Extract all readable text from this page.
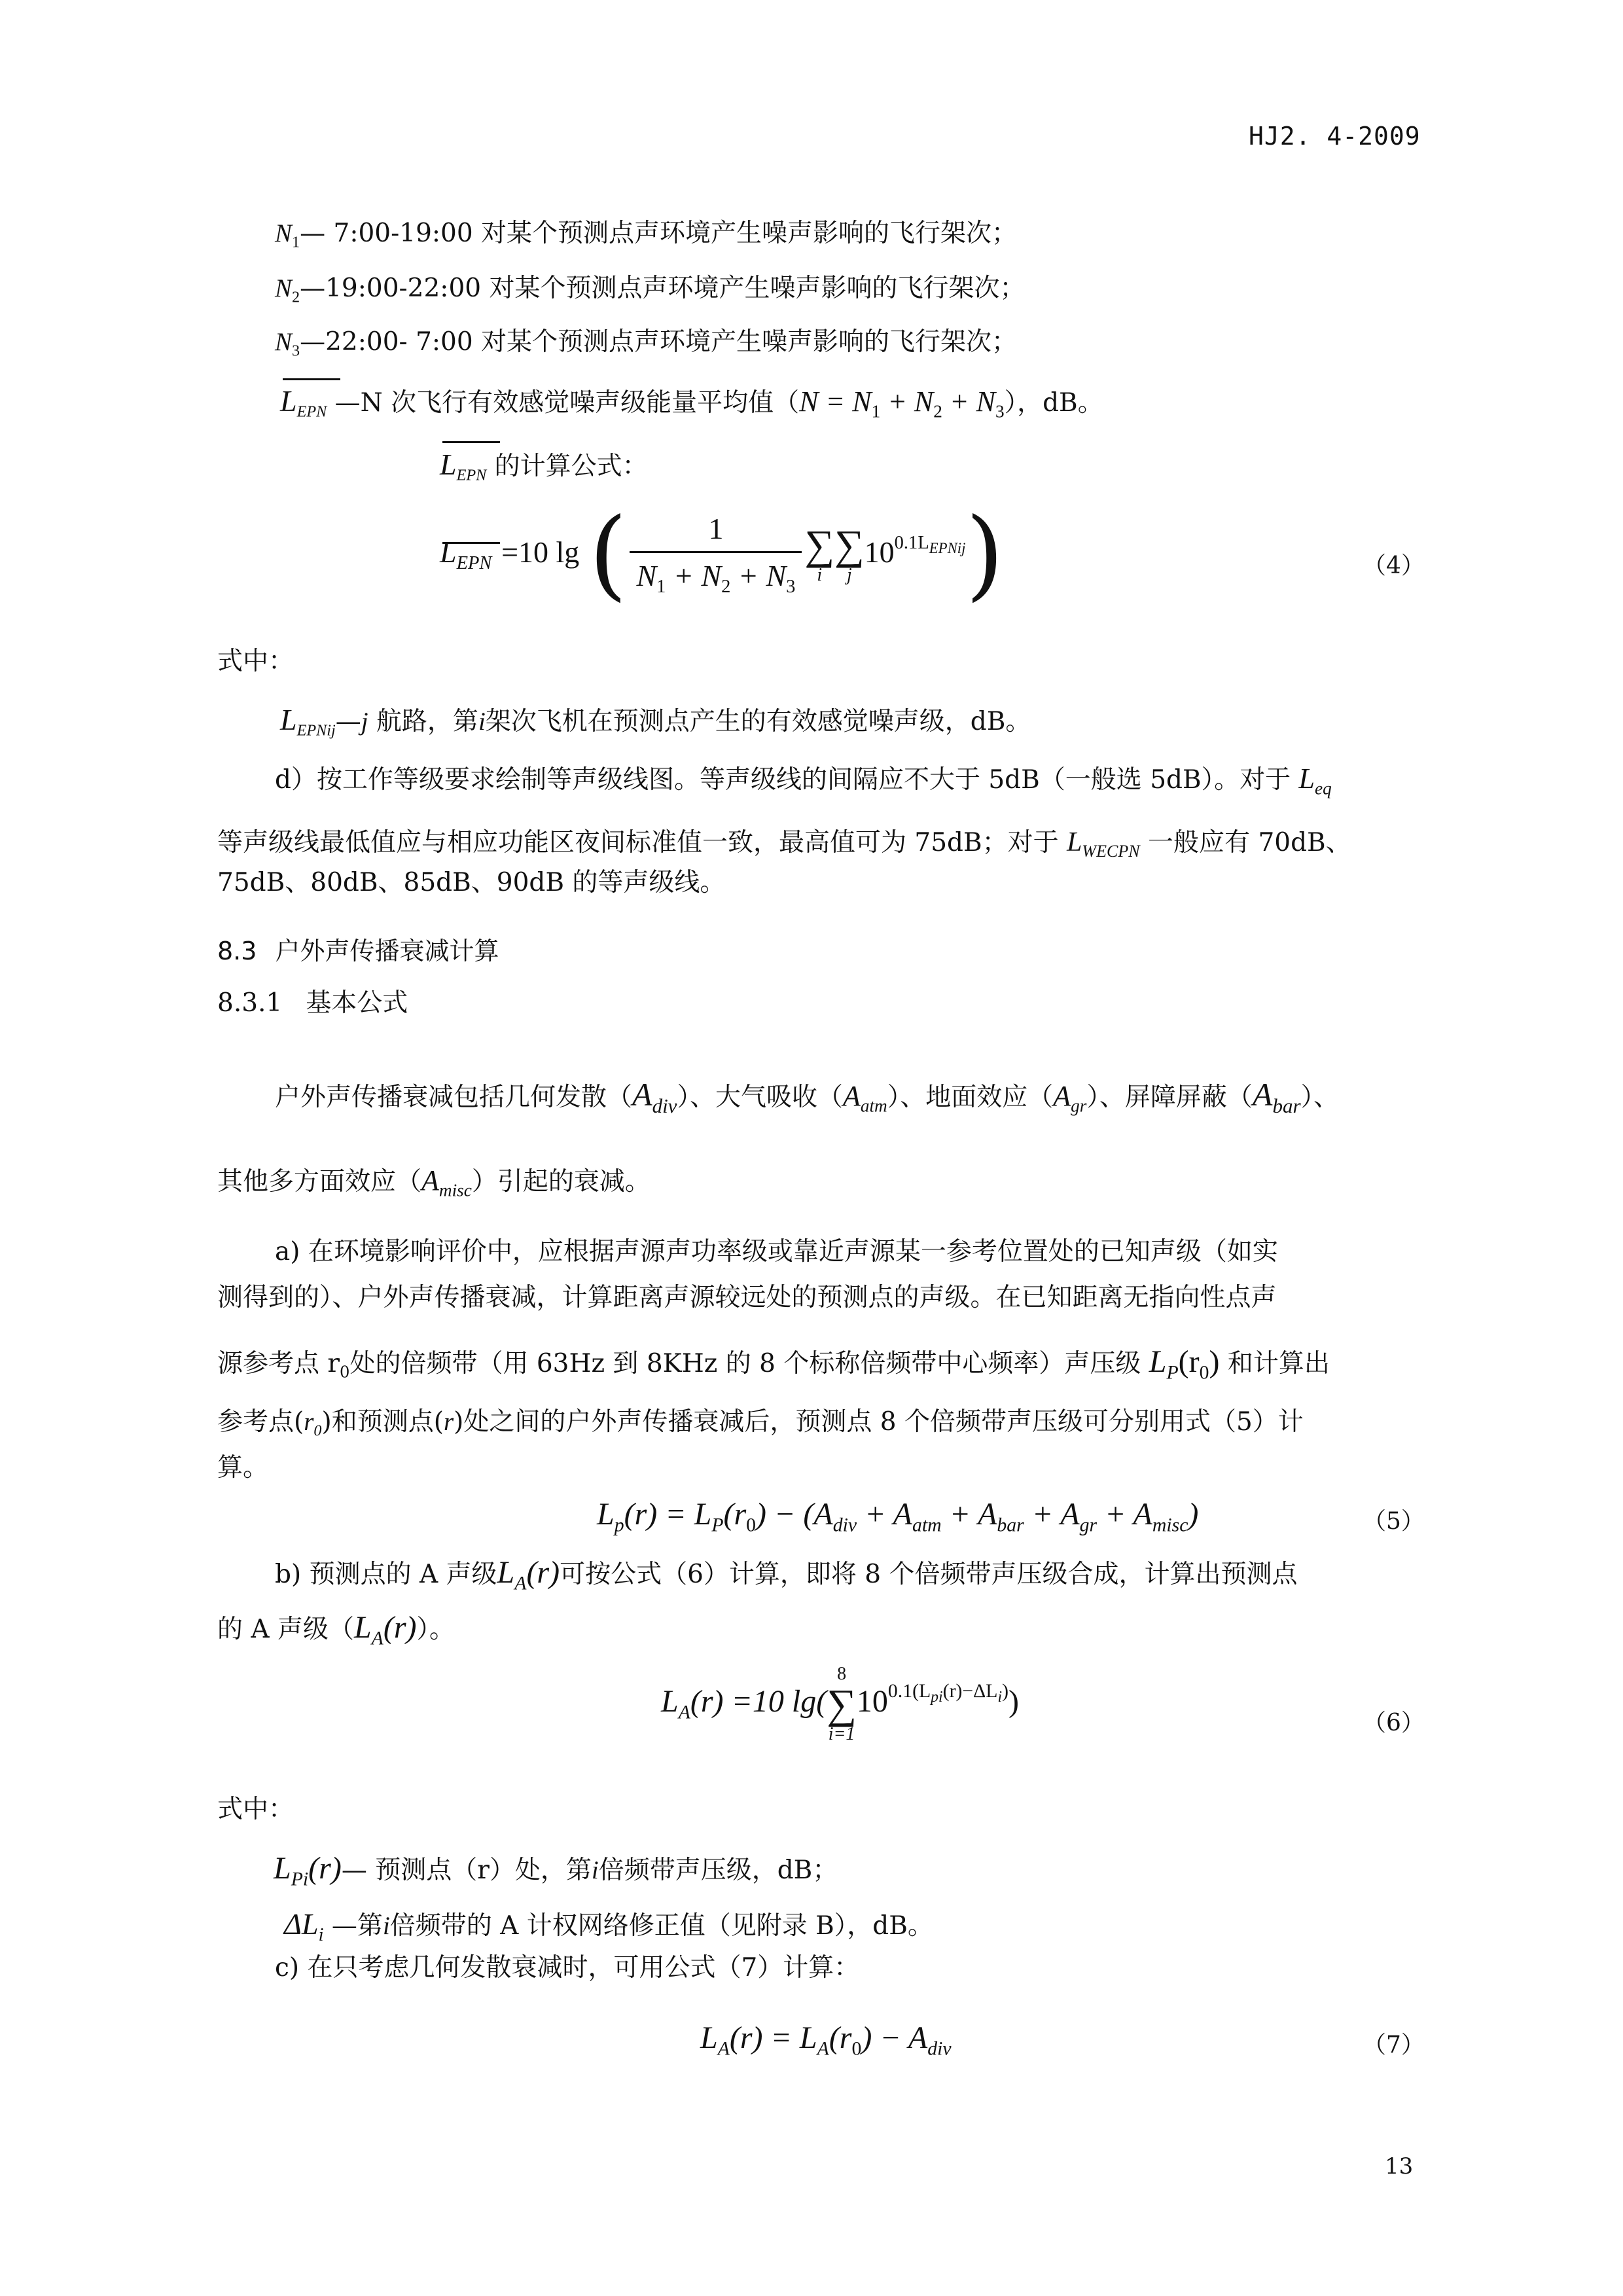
HJ2. 4-2009
$N_1—$ 7:00-19:00 对某个预测点声环境产生噪声影响的飞行架次；
$N_2—19:00-22:00$ 对某个预测点声环境产生噪声影响的飞行架次；
$N_3—22:00-$ 7:00 对某个预测点声环境产生噪声影响的飞行架次；
$L_{EPN}$ —N 次飞行有效感觉噪声级能量平均值$(N = N_1 + N_2 + N_3)$，dB。
$L_{EPN}$ 的计算公式：
$L_{EPN} =10$ lg ( $\frac{1}{N_1 + N_2 + N_3}$ ∑
i
∑
j
$10^{0.1L_{EPNij}}$)	（4）
式中：
$L_{EPNij}—j$ 航路，第i架次飞机在预测点产生的有效感觉噪声级，dB。
d）按工作等级要求绘制等声级线图。等声级线的间隔应不大于 5dB（一般选 5dB）。对于 $L_{eq}$
等声级线最低值应与相应功能区夜间标准值一致，最高值可为 75dB；对于 $L_{WECPN}$ 一般应有 70dB、
75dB、80dB、85dB、90dB 的等声级线。
8.3 户外声传播衰减计算
8.3.1 基本公式
户外声传播衰减包括几何发散$(A_{div})$、大气吸收$(A_{atm})$、地面效应$(A_{gr})$、屏障屏蔽$(A_{bar})$、
其他多方面效应$(A_{misc})$引起的衰减。
a) 在环境影响评价中，应根据声源声功率级或靠近声源某一参考位置处的已知声级（如实
测得到的）、户外声传播衰减，计算距离声源较远处的预测点的声级。在已知距离无指向性点声
源参考点 $r_0$处的倍频带（用 63Hz 到 8KHz 的 8 个标称倍频带中心频率）声压级 $L_P(r_0)$ 和计算出
参考点$(r_0)$和预测点(r)处之间的户外声传播衰减后，预测点 8 个倍频带声压级可分别用式（5）计
算。
$L_p(r) = L_P(r_0) - (A_{div} + A_{atm} + A_{bar} + A_{gr} + A_{misc})$	（5）
b) 预测点的 A 声级$L_A(r)$可按公式（6）计算，即将 8 个倍频带声压级合成，计算出预测点
的 A 声级$(L_A(r))$。
$L_A(r) =10$ lg(
8
∑
i=1
$10^{0.1(L_{pi}(r)-\Delta L_i)}$)
（6）
式中：
$L_{Pi}(r)—$ 预测点（r）处，第i倍频带声压级，dB；
$\Delta L_i$ —第i倍频带的 A 计权网络修正值（见附录 B），dB。
c) 在只考虑几何发散衰减时，可用公式（7）计算：
$L_A(r) = L_A(r_0) - A_{div}$	（7）
13
